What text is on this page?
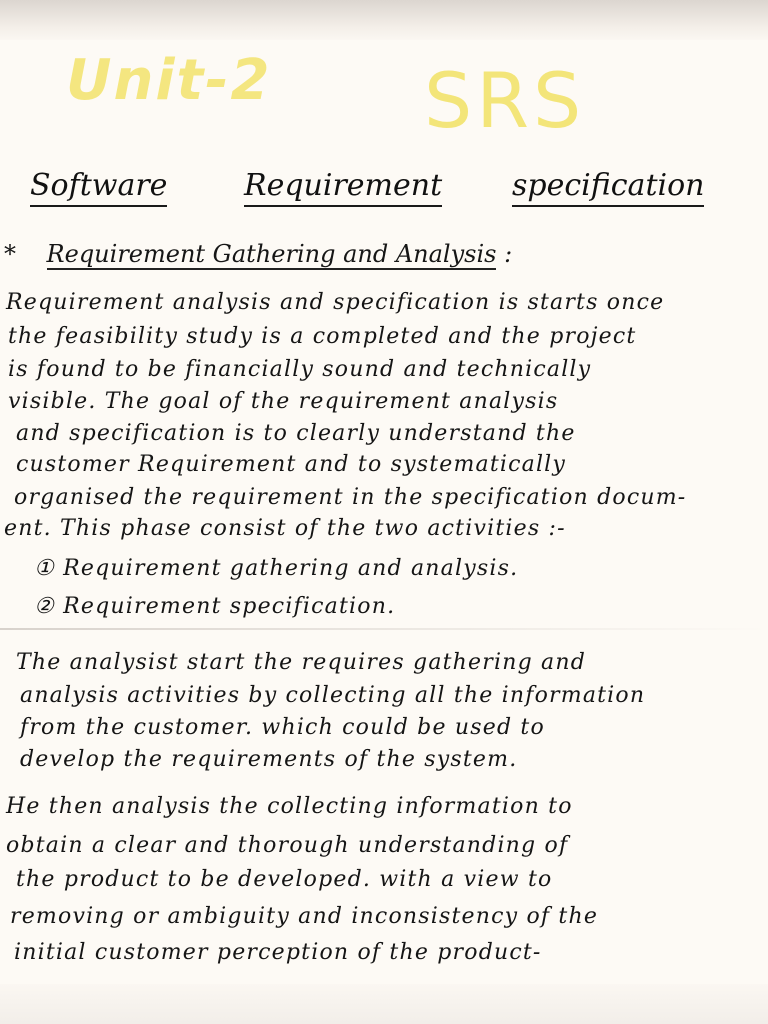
Unit-2 SRS
Software	Requirement specification
* Requirement Gathering and Analysis :
Requirement analysis and specification is starts once
the feasibility study is a completed and the project
is found to be financially sound and technically
visible. The goal of the requirement analysis
and specification is to clearly understand the
customer Requirement and to systematically
organised the requirement in the specification docum-
ent. This phase consist of the two activities :-
① Requirement gathering and analysis.
② Requirement specification.
The analysist start the requires gathering and
analysis activities by collecting all the information
from the customer. which could be used to
develop the requirements of the system.
He then analysis the collecting information to
obtain a clear and thorough understanding of
the product to be developed. with a view to
removing or ambiguity and inconsistency of the
initial customer perception of the product-
